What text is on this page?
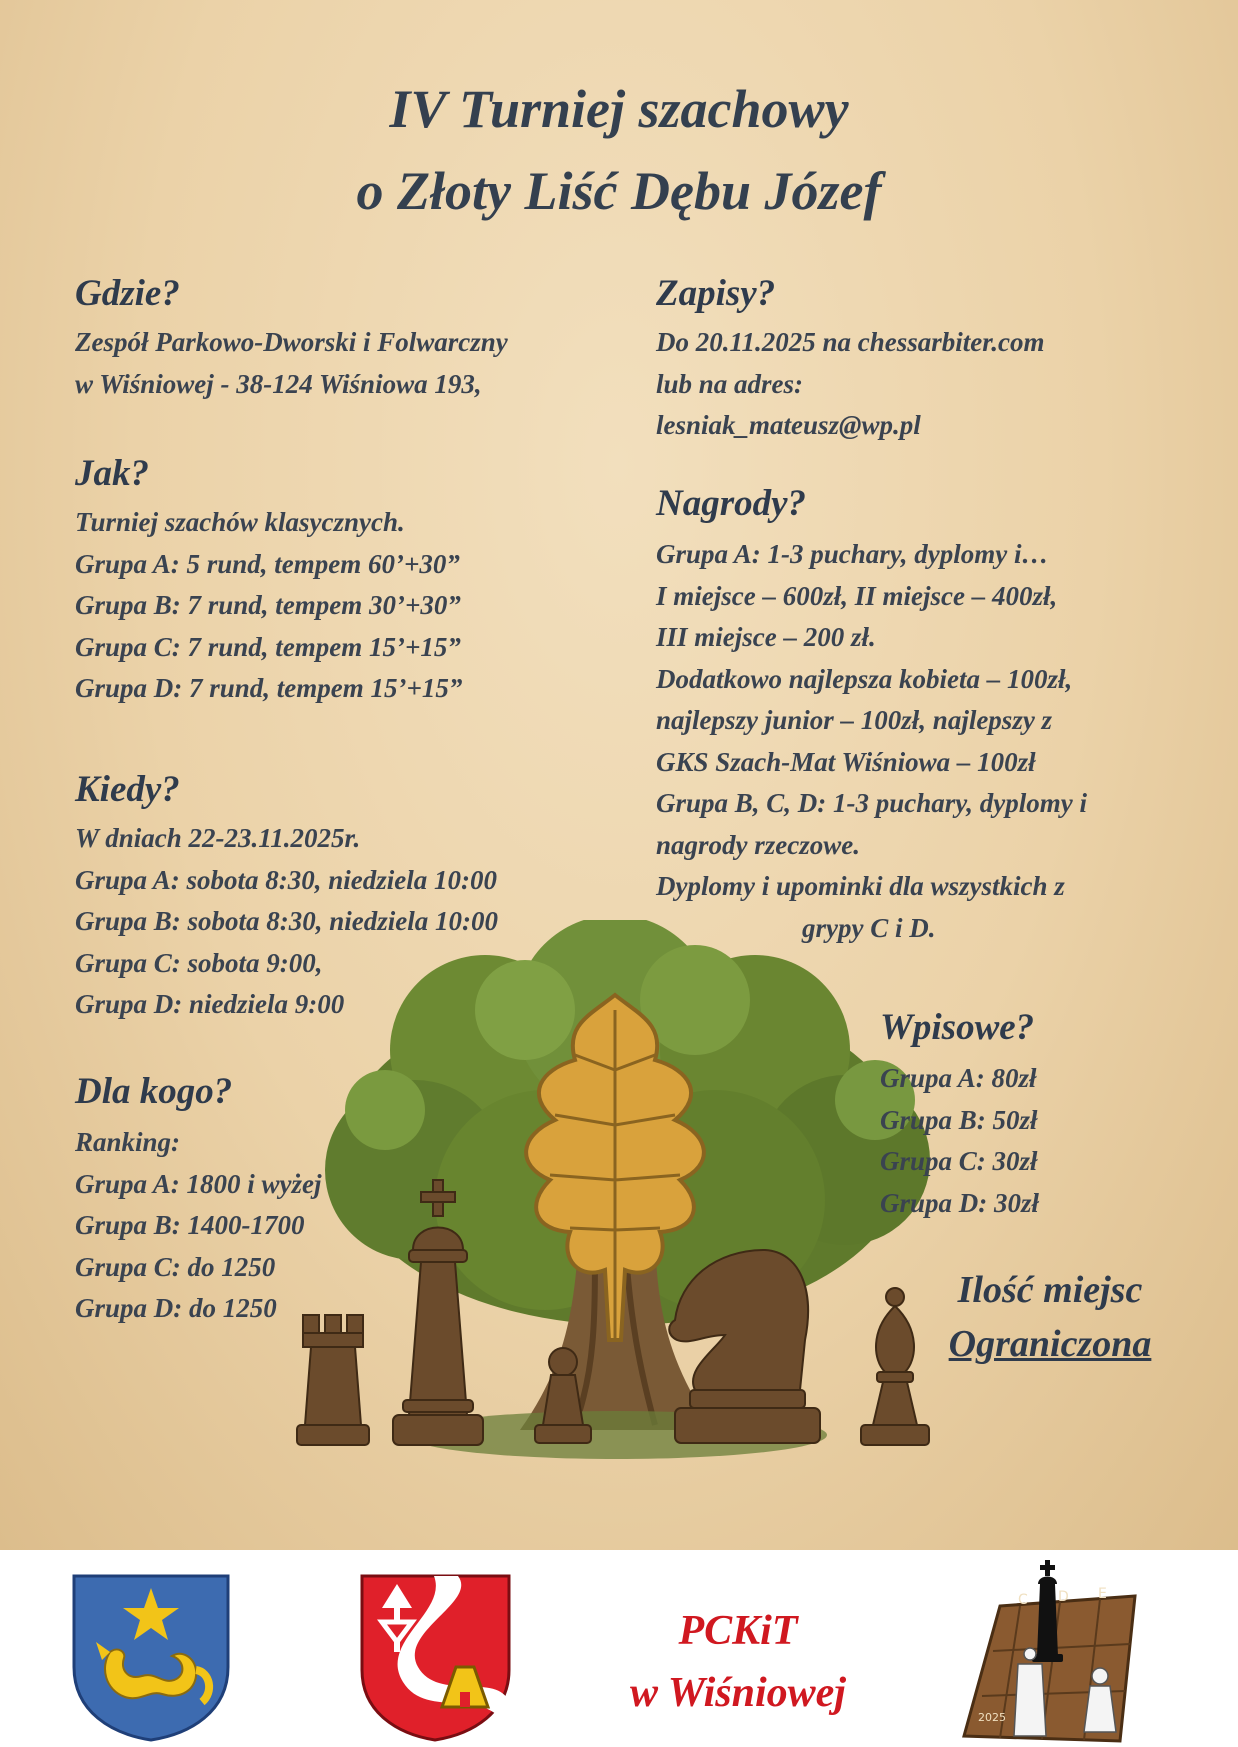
IV Turniej szachowy
o Złoty Liść Dębu Józef
Gdzie?
Zespół Parkowo-Dworski i Folwarczny
w Wiśniowej - 38-124 Wiśniowa 193,
Jak?
Turniej szachów klasycznych.
Grupa A: 5 rund, tempem 60’+30”
Grupa B: 7 rund, tempem 30’+30”
Grupa C: 7 rund, tempem 15’+15”
Grupa D: 7 rund, tempem 15’+15”
Kiedy?
W dniach 22-23.11.2025r.
Grupa A: sobota 8:30, niedziela 10:00
Grupa B: sobota 8:30, niedziela 10:00
Grupa C: sobota 9:00,
Grupa D: niedziela 9:00
Dla kogo?
Ranking:
Grupa A: 1800 i wyżej
Grupa B: 1400-1700
Grupa C: do 1250
Grupa D: do 1250
Zapisy?
Do 20.11.2025 na chessarbiter.com
lub na adres:
lesniak_mateusz@wp.pl
Nagrody?
Grupa A: 1-3 puchary, dyplomy i…
I miejsce – 600zł, II miejsce – 400zł,
III miejsce – 200 zł.
Dodatkowo najlepsza kobieta – 100zł,
najlepszy junior – 100zł, najlepszy z
GKS Szach-Mat Wiśniowa – 100zł
Grupa B, C, D: 1-3 puchary, dyplomy i
nagrody rzeczowe.
Dyplomy i upominki dla wszystkich z
grypy C i D.
Wpisowe?
Grupa A: 80zł
Grupa B: 50zł
Grupa C: 30zł
Grupa D: 30zł
Ilość miejsc
Ograniczona
PCKiT
w Wiśniowej
C D E
2025
